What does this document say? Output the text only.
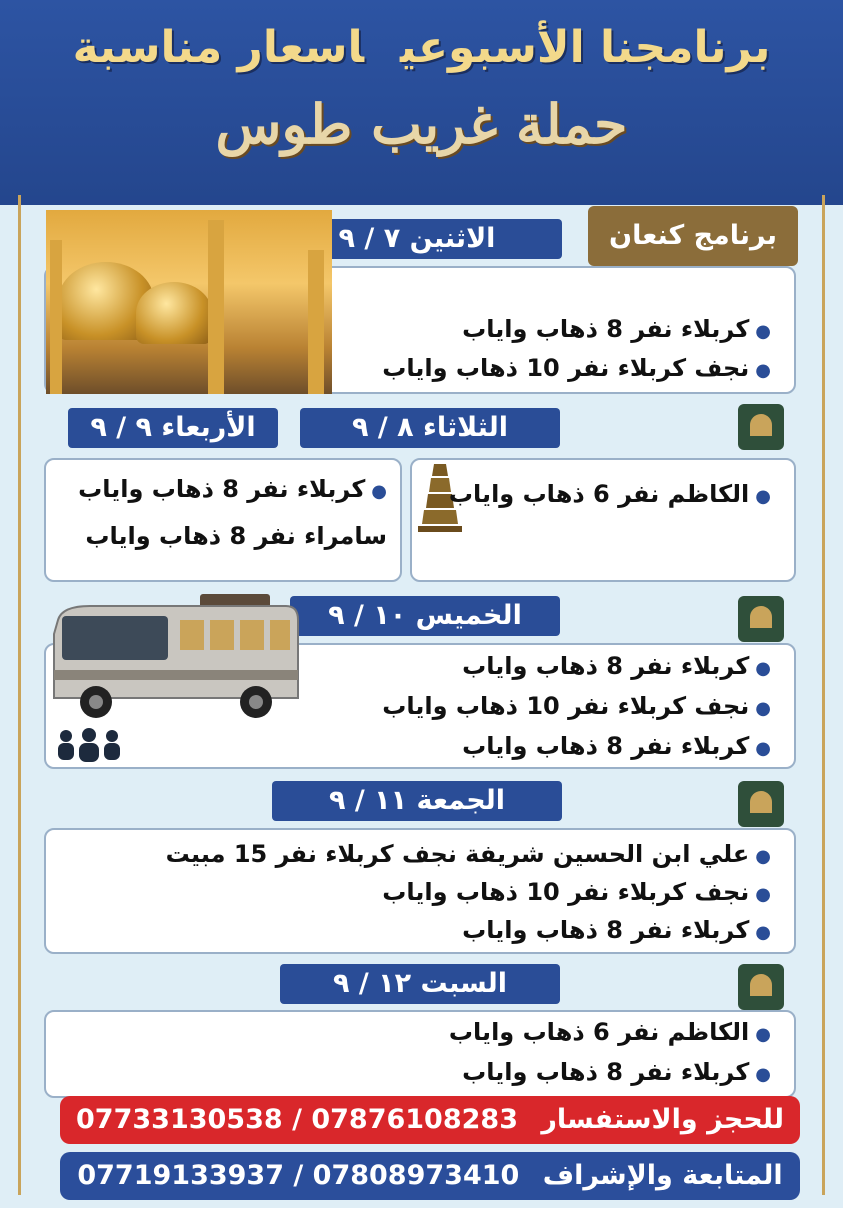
برنامجنا الأسبوعياسعار مناسبة
حملة غريب طوس
برنامج كنعان
الاثنين ٧ / ٩
●كربلاء نفر 8 ذهاب واياب
●نجف كربلاء نفر 10 ذهاب واياب
الثلاثاء ٨ / ٩
الأربعاء ٩ / ٩
●الكاظم نفر 6 ذهاب واياب
●كربلاء نفر 8 ذهاب واياب
سامراء نفر 8 ذهاب واياب
الخميس ١٠ / ٩
●كربلاء نفر 8 ذهاب واياب
●نجف كربلاء نفر 10 ذهاب واياب
●كربلاء نفر 8 ذهاب واياب
الجمعة ١١ / ٩
●علي ابن الحسين شريفة نجف كربلاء نفر 15 مبيت
●نجف كربلاء نفر 10 ذهاب واياب
●كربلاء نفر 8 ذهاب واياب
السبت ١٢ / ٩
●الكاظم نفر 6 ذهاب واياب
●كربلاء نفر 8 ذهاب واياب
للحجز والاستفسار 07733130538 / 07876108283
المتابعة والإشراف 07719133937 / 07808973410
